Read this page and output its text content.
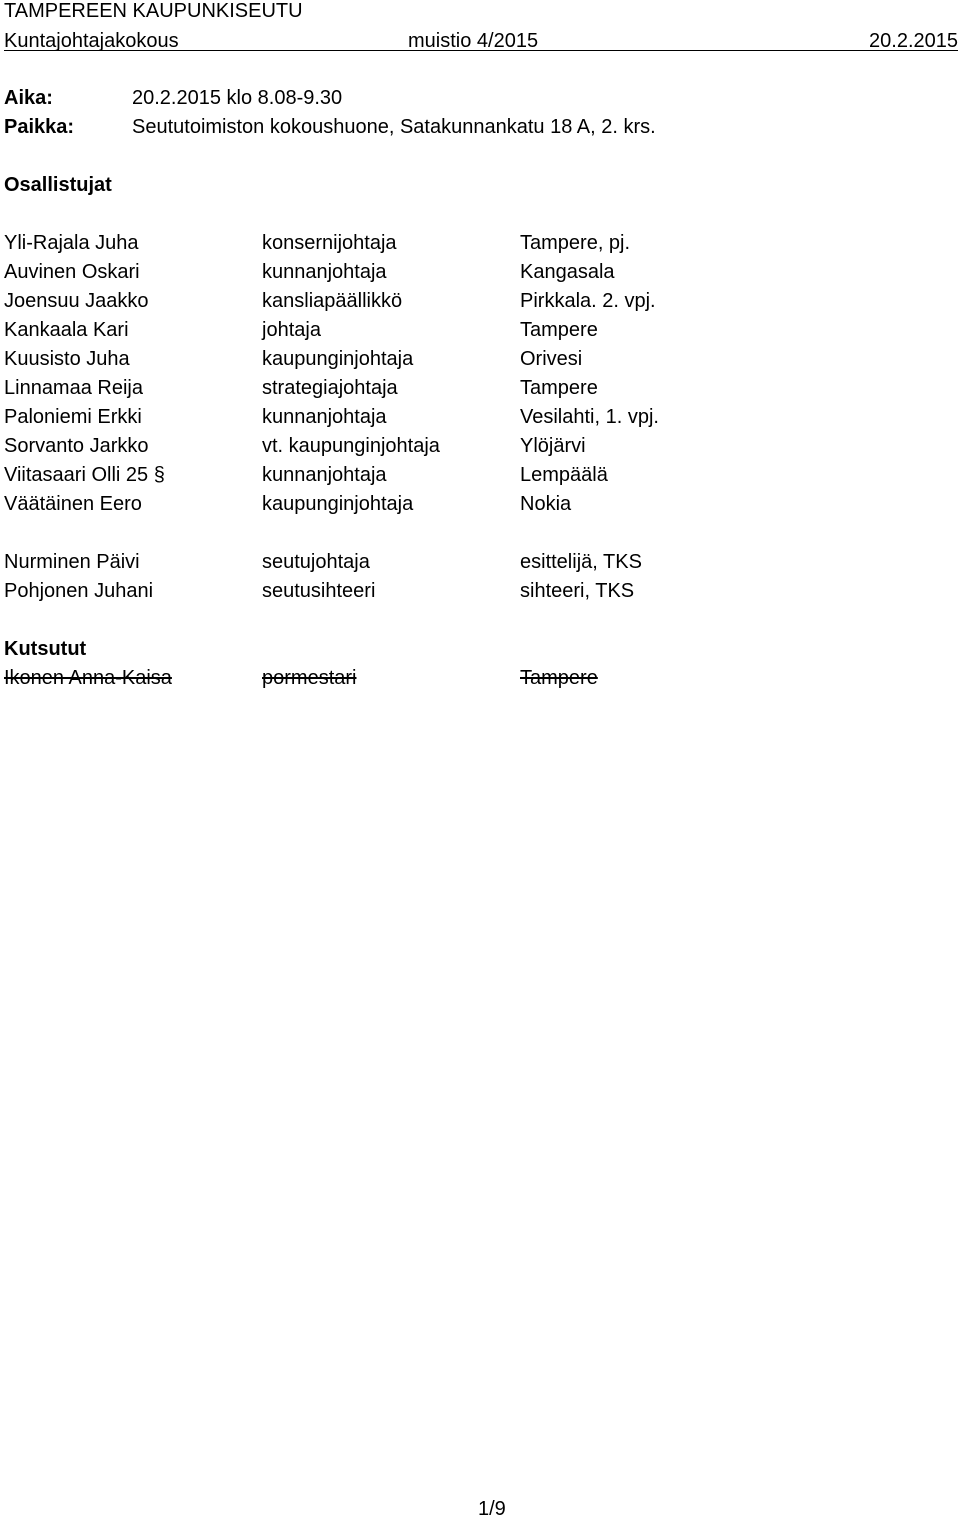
TAMPEREEN KAUPUNKISEUTU
Kuntajohtajakokous	muistio 4/2015	20.2.2015
Aika:	20.2.2015 klo 8.08-9.30
Paikka:	Seututoimiston kokoushuone, Satakunnankatu 18 A, 2. krs.
Osallistujat
Yli-Rajala Juha	konsernijohtaja	Tampere, pj.
Auvinen Oskari	kunnanjohtaja	Kangasala
Joensuu Jaakko	kansliapäällikkö	Pirkkala. 2. vpj.
Kankaala Kari	johtaja	Tampere
Kuusisto Juha	kaupunginjohtaja	Orivesi
Linnamaa Reija	strategiajohtaja	Tampere
Paloniemi Erkki	kunnanjohtaja	Vesilahti, 1. vpj.
Sorvanto Jarkko	vt. kaupunginjohtaja	Ylöjärvi
Viitasaari Olli 25 §	kunnanjohtaja	Lempäälä
Väätäinen Eero	kaupunginjohtaja	Nokia
Nurminen Päivi	seutujohtaja	esittelijä, TKS
Pohjonen Juhani	seutusihteeri	sihteeri, TKS
Kutsutut
Ikonen Anna-Kaisa	pormestari	Tampere
1/9
